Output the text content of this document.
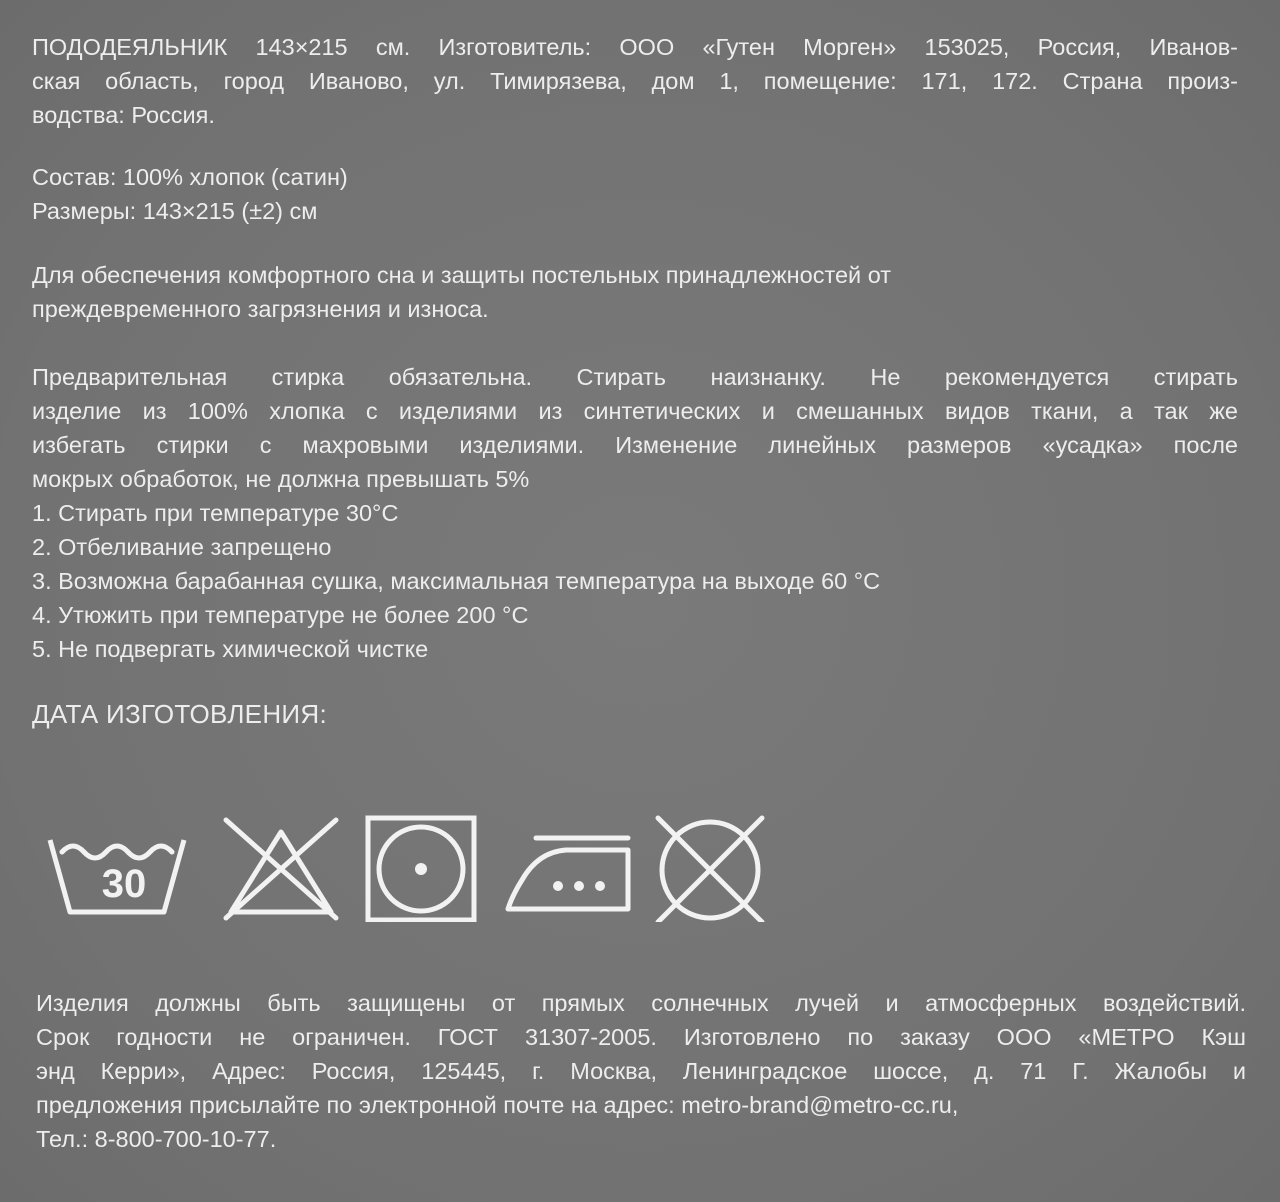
ПОДОДЕЯЛЬНИК 143×215 см. Изготовитель: ООО «Гутен Морген» 153025, Россия, Иванов-
ская область, город Иваново, ул. Тимирязева, дом 1, помещение: 171, 172. Страна произ-
водства: Россия.
Состав: 100% хлопок (сатин)
Размеры: 143×215 (±2) см
Для обеспечения комфортного сна и защиты постельных принадлежностей от
преждевременного загрязнения и износа.
Предварительная стирка обязательна. Стирать наизнанку. Не рекомендуется стирать
изделие из 100% хлопка с изделиями из синтетических и смешанных видов ткани, а так же
избегать стирки с махровыми изделиями. Изменение линейных размеров «усадка» после
мокрых обработок, не должна превышать 5%
1. Стирать при температуре 30°С
2. Отбеливание запрещено
3. Возможна барабанная сушка, максимальная температура на выходе 60 °С
4. Утюжить при температуре не более 200 °С
5. Не подвергать химической чистке
ДАТА ИЗГОТОВЛЕНИЯ:
30
Изделия должны быть защищены от прямых солнечных лучей и атмосферных воздействий.
Срок годности не ограничен. ГОСТ 31307-2005. Изготовлено по заказу ООО «МЕТРО Кэш
энд Керри», Адрес: Россия, 125445, г. Москва, Ленинградское шоссе, д. 71 Г. Жалобы и
предложения присылайте по электронной почте на адрес: metro-brand@metro-cc.ru,
Тел.: 8-800-700-10-77.
